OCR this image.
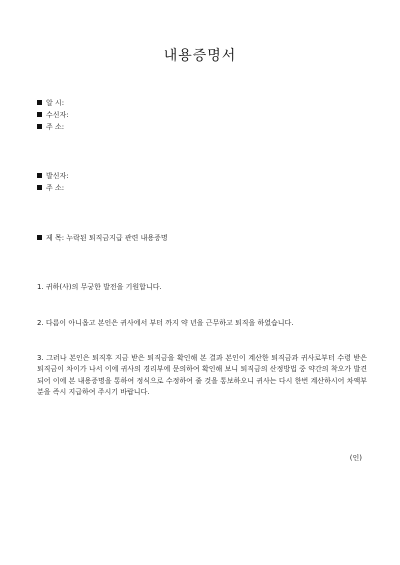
내용증명서
알 시:
수신자:
주 소:
발신자:
주 소:
제 목: 누락된 퇴직금지급 관련 내용증명
1. 귀하(사)의 무궁한 발전을 기원합니다.
2. 다름이 아니옵고 본인은 귀사에서 부터 까지 약 년을 근무하고 퇴직을 하였습니다.
3. 그러나 본인은 퇴직후 지금 받은 퇴직금을 확인해 본 결과 본인이 계산한 퇴직금과 귀사로부터 수령 받은 퇴직금이 차이가 나서 이에 귀사의 경리부에 문의하여 확인해 보니 퇴직금의 산정방법 중 약간의 착오가 발견되어 이에 본 내용증명을 통하여 정식으로 수정하여 줄 것을 통보하오니 귀사는 다시 한번 계산하시어 차액부분을 즉시 지급하여 주시기 바랍니다.
(인)
